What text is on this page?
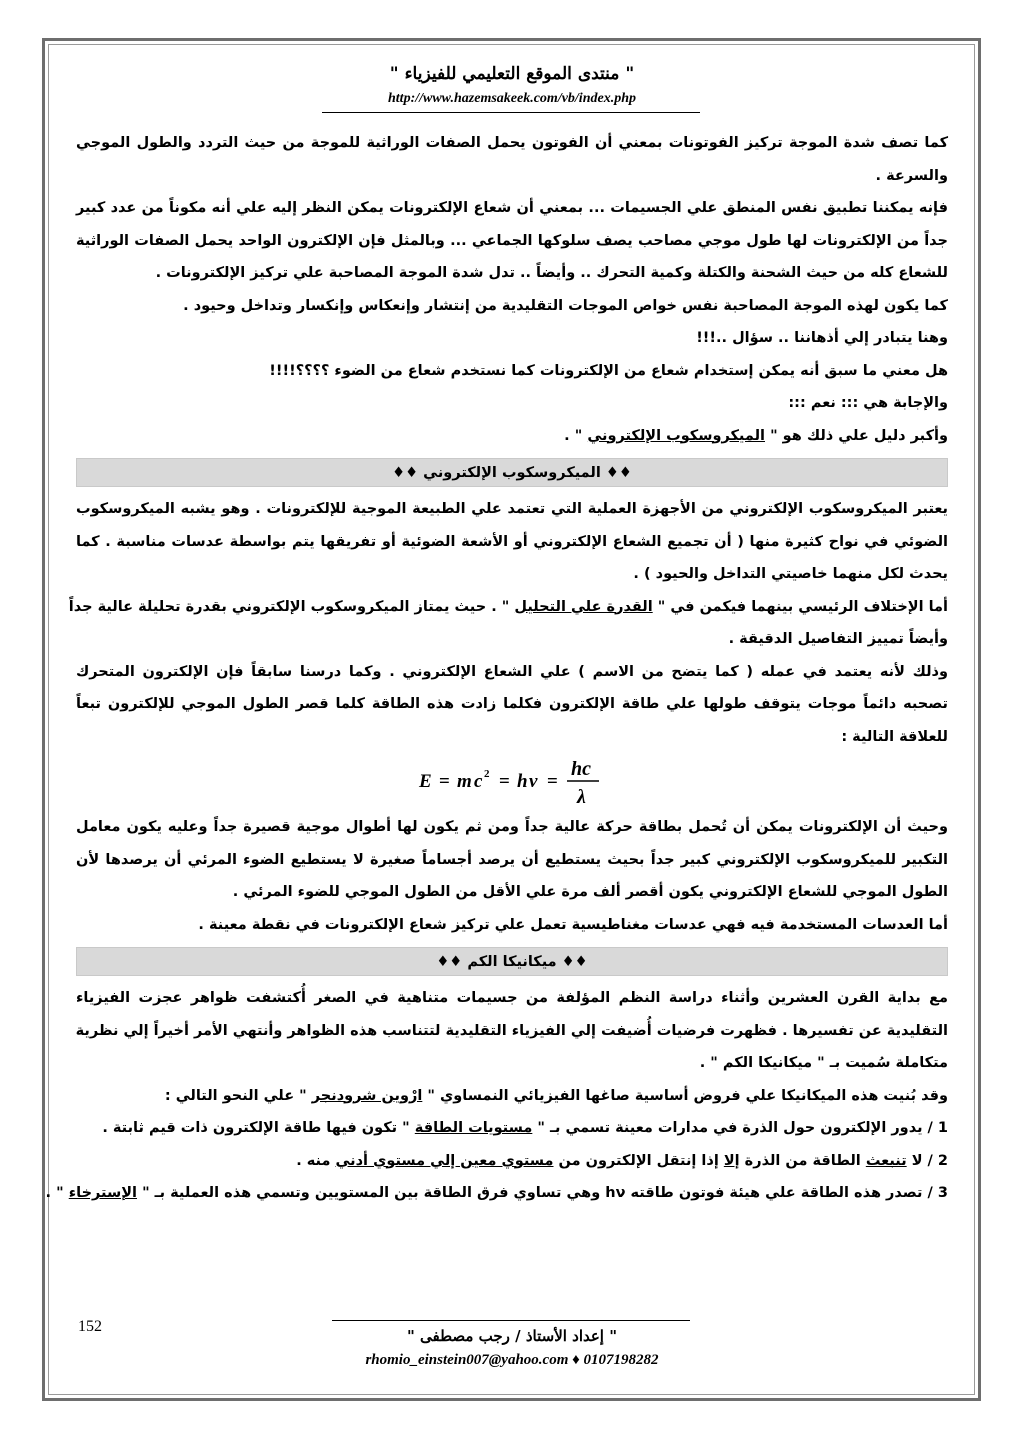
" منتدى الموقع التعليمي للفيزياء "
http://www.hazemsakeek.com/vb/index.php
كما تصف شدة الموجة تركيز الفوتونات بمعني أن الفوتون يحمل الصفات الوراثية للموجة من حيث التردد والطول الموجي
والسرعة .
فإنه يمكننا تطبيق نفس المنطق علي الجسيمات ... بمعني أن شعاع الإلكترونات يمكن النظر إليه علي أنه مكوناً من عدد كبير
جداً من الإلكترونات لها طول موجي مصاحب يصف سلوكها الجماعي ... وبالمثل فإن الإلكترون الواحد يحمل الصفات الوراثية
للشعاع كله من حيث الشحنة والكتلة وكمية التحرك .. وأيضاً .. تدل شدة الموجة المصاحبة علي تركيز الإلكترونات .
كما يكون لهذه الموجة المصاحبة نفس خواص الموجات التقليدية من إنتشار وإنعكاس وإنكسار وتداخل وحيود .
وهنا يتبادر إلي أذهاننا .. سؤال ..!!!
هل معني ما سبق أنه يمكن إستخدام شعاع من الإلكترونات كما نستخدم شعاع من الضوء ؟؟؟؟!!!!
والإجابة هي ::: نعم :::
وأكبر دليل علي ذلك هو " الميكروسكوب الإلكتروني " .
♦♦ الميكروسكوب الإلكتروني ♦♦
يعتبر الميكروسكوب الإلكتروني من الأجهزة العملية التي تعتمد علي الطبيعة الموجية للإلكترونات . وهو يشبه الميكروسكوب
الضوئي في نواح كثيرة منها ( أن تجميع الشعاع الإلكتروني أو الأشعة الضوئية أو تفريقها يتم بواسطة عدسات مناسبة . كما
يحدث لكل منهما خاصيتي التداخل والحيود ) .
أما الإختلاف الرئيسي بينهما فيكمن في " القدرة علي التحليل " . حيث يمتاز الميكروسكوب الإلكتروني بقدرة تحليلة عالية جداً
وأيضاً تمييز التفاصيل الدقيقة .
وذلك لأنه يعتمد في عمله ( كما يتضح من الاسم ) علي الشعاع الإلكتروني . وكما درسنا سابقاً فإن الإلكترون المتحرك
تصحبه دائماً موجات يتوقف طولها علي طاقة الإلكترون فكلما زادت هذه الطاقة كلما قصر الطول الموجي للإلكترون تبعاً
للعلاقة التالية :
E = m c 2 = h ν =
hc
λ
وحيث أن الإلكترونات يمكن أن تُحمل بطاقة حركة عالية جداً ومن ثم يكون لها أطوال موجية قصيرة جداً وعليه يكون معامل
التكبير للميكروسكوب الإلكتروني كبير جداً بحيث يستطيع أن يرصد أجساماً صغيرة لا يستطيع الضوء المرئي أن يرصدها لأن
الطول الموجي للشعاع الإلكتروني يكون أقصر ألف مرة علي الأقل من الطول الموجي للضوء المرئي .
أما العدسات المستخدمة فيه فهي عدسات مغناطيسية تعمل علي تركيز شعاع الإلكترونات في نقطة معينة .
♦♦ ميكانيكا الكم ♦♦
مع بداية القرن العشرين وأثناء دراسة النظم المؤلفة من جسيمات متناهية في الصغر أُكتشفت ظواهر عجزت الفيزياء
التقليدية عن تفسيرها . فظهرت فرضيات أُضيفت إلي الفيزياء التقليدية لتتناسب هذه الظواهر وأنتهي الأمر أخيراً إلي نظرية
متكاملة سُميت بـ " ميكانيكا الكم " .
وقد بُنيت هذه الميكانيكا علي فروض أساسية صاغها الفيزيائي النمساوي " ارْوين شرودنجر " علي النحو التالي :
1 / يدور الإلكترون حول الذرة في مدارات معينة تسمي بـ " مستويات الطاقة " تكون فيها طاقة الإلكترون ذات قيم ثابتة .
2 / لا تنبعث الطاقة من الذرة إلا إذا إنتقل الإلكترون من مستوي معين إلي مستوي أدني منه .
3 / تصدر هذه الطاقة علي هيئة فوتون طاقته hν وهي تساوي فرق الطاقة بين المستويين وتسمي هذه العملية بـ " الإسترخاء " .
152
" إعداد الأستاذ / رجب مصطفى "
rhomio_einstein007@yahoo.com ♦ 0107198282
